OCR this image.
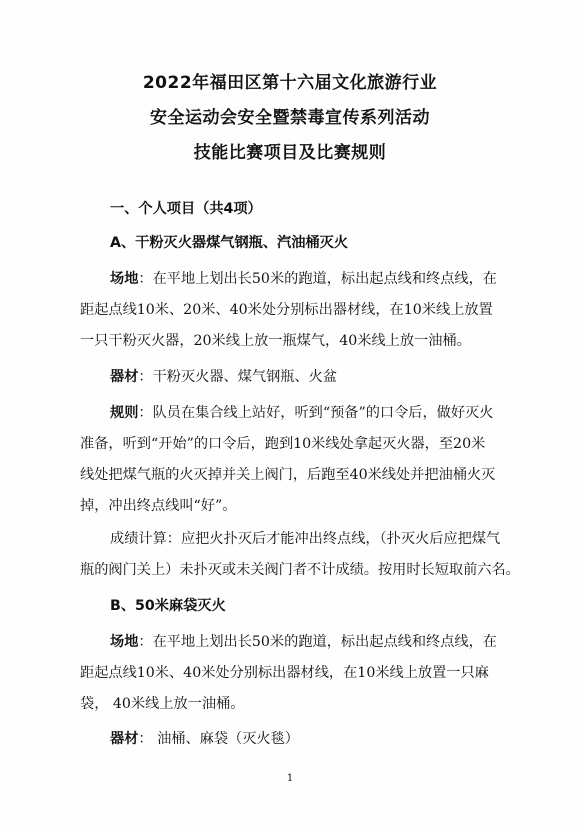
2022年福田区第十六届文化旅游行业
安全运动会安全暨禁毒宣传系列活动
技能比赛项目及比赛规则
一、个人项目（共4项）
A、干粉灭火器煤气钢瓶、汽油桶灭火
场地：在平地上划出长50米的跑道，标出起点线和终点线，在
距起点线10米、20米、40米处分别标出器材线，在10米线上放置
一只干粉灭火器，20米线上放一瓶煤气，40米线上放一油桶。
器材：干粉灭火器、煤气钢瓶、火盆
规则：队员在集合线上站好，听到“预备”的口令后，做好灭火
准备，听到“开始”的口令后，跑到10米线处拿起灭火器，至20米
线处把煤气瓶的火灭掉并关上阀门，后跑至40米线处并把油桶火灭
掉，冲出终点线叫“好”。
成绩计算：应把火扑灭后才能冲出终点线，（扑灭火后应把煤气
瓶的阀门关上）未扑灭或未关阀门者不计成绩。按用时长短取前六名。
B、50米麻袋灭火
场地：在平地上划出长50米的跑道，标出起点线和终点线，在
距起点线10米、40米处分别标出器材线，在10米线上放置一只麻
袋， 40米线上放一油桶。
器材： 油桶、麻袋（灭火毯）
1
